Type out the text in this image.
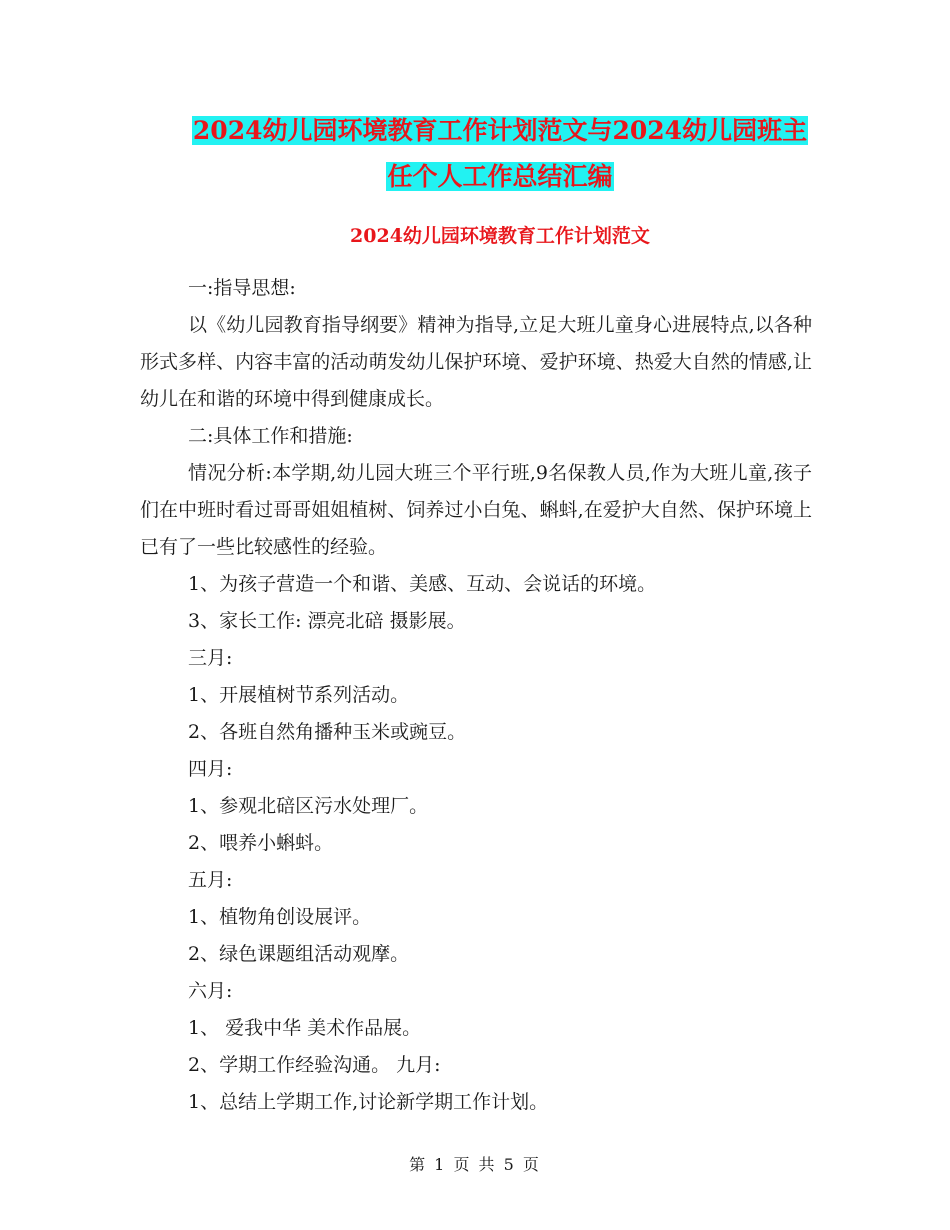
2024幼儿园环境教育工作计划范文与2024幼儿园班主
任个人工作总结汇编
2024幼儿园环境教育工作计划范文

一:指导思想:

以《幼儿园教育指导纲要》精神为指导,立足大班儿童身心进展特点,以各种形式多样、内容丰富的活动萌发幼儿保护环境、爱护环境、热爱大自然的情感,让幼儿在和谐的环境中得到健康成长。

二:具体工作和措施:

情况分析:本学期,幼儿园大班三个平行班,9名保教人员,作为大班儿童,孩子们在中班时看过哥哥姐姐植树、饲养过小白兔、蝌蚪,在爱护大自然、保护环境上已有了一些比较感性的经验。

1、为孩子营造一个和谐、美感、互动、会说话的环境。

3、家长工作: 漂亮北碚 摄影展。

三月:

1、开展植树节系列活动。

2、各班自然角播种玉米或豌豆。

四月:

1、参观北碚区污水处理厂。

2、喂养小蝌蚪。

五月:

1、植物角创设展评。

2、绿色课题组活动观摩。

六月:

1、 爱我中华 美术作品展。

2、学期工作经验沟通。 九月:

1、总结上学期工作,讨论新学期工作计划。

第 1 页 共 5 页
